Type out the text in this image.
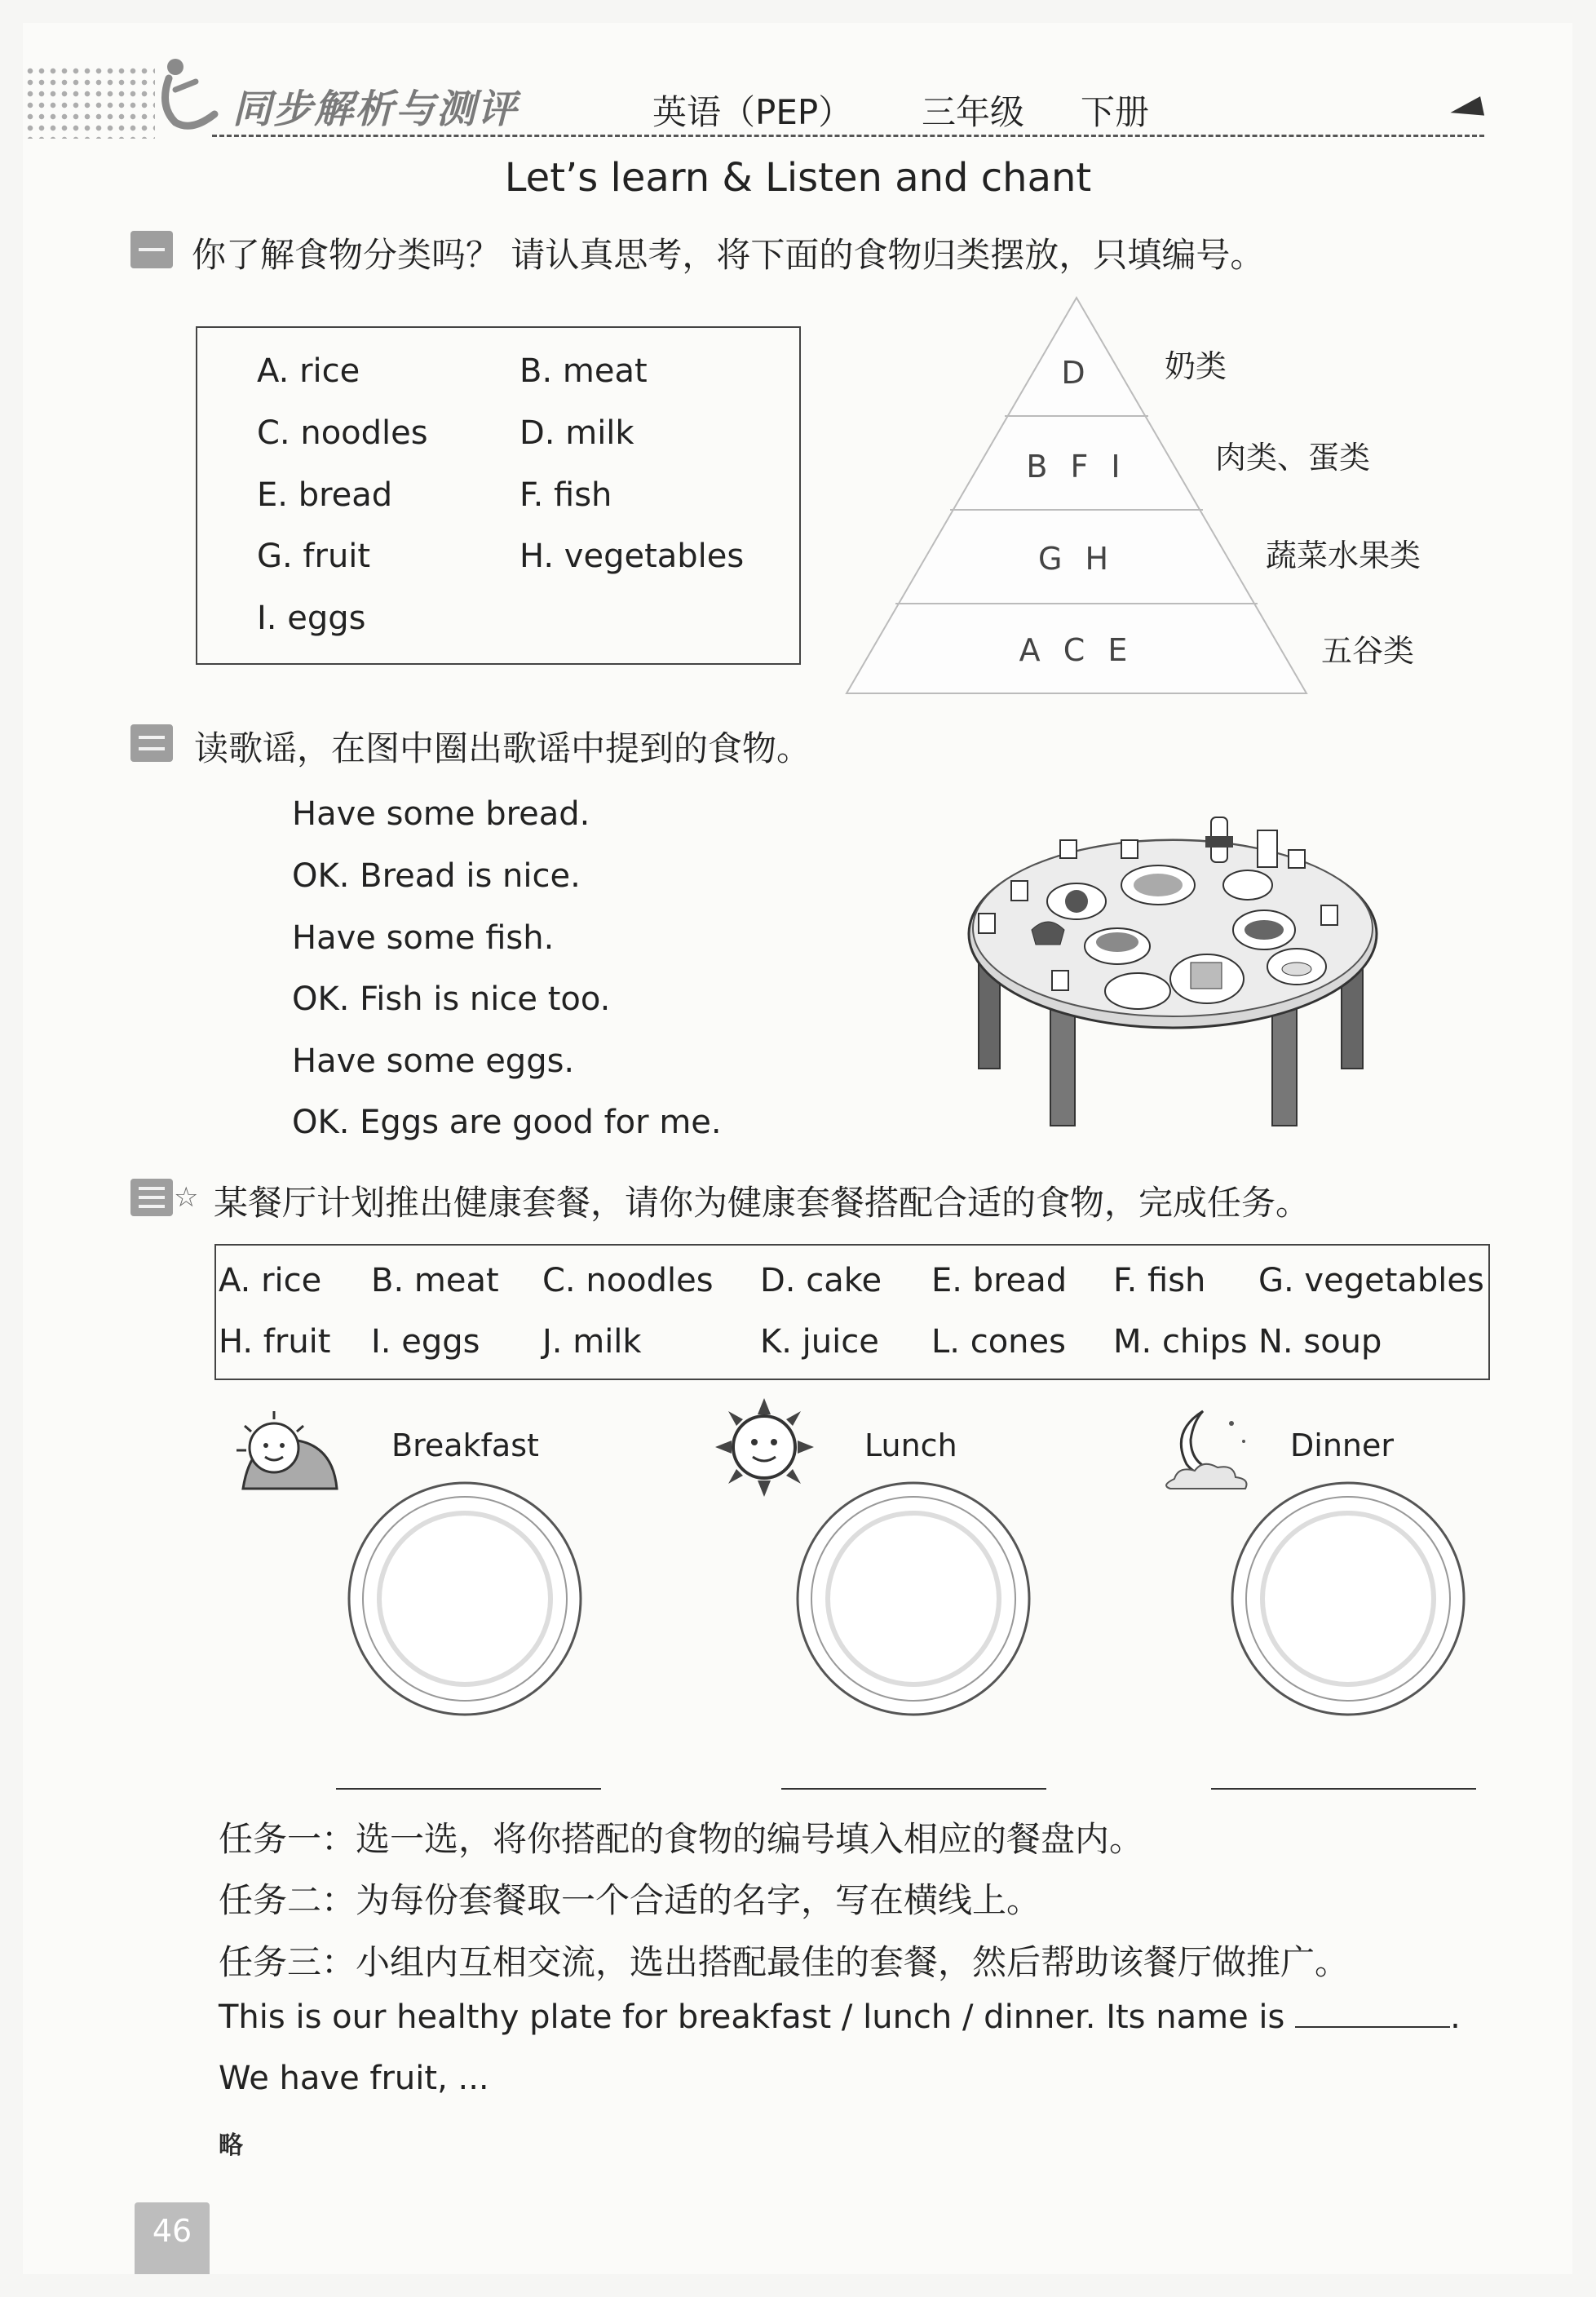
同步解析与测评	英语（PEP） 三年级 下册
Let’s learn & Listen and chant
你了解食物分类吗？ 请认真思考，将下面的食物归类摆放，只填编号。
A. rice	B. meat
C. noodles	D. milk
E. bread	F. fish
G. fruit	H. vegetables
I. eggs
D
B F I
G H
A C E
奶类
肉类、蛋类
蔬菜水果类
五谷类
读歌谣，在图中圈出歌谣中提到的食物。
Have some bread.
OK. Bread is nice.
Have some fish.
OK. Fish is nice too.
Have some eggs.
OK. Eggs are good for me.
☆ 某餐厅计划推出健康套餐，请你为健康套餐搭配合适的食物，完成任务。
A. rice B. meat C. noodles D. cake E. bread F. fish G. vegetables
H. fruit I. eggs J. milk	K. juice L. cones M. chips N. soup
Breakfast	Lunch	Dinner
任务一：选一选，将你搭配的食物的编号填入相应的餐盘内。
任务二：为每份套餐取一个合适的名字，写在横线上。
任务三：小组内互相交流，选出搭配最佳的套餐，然后帮助该餐厅做推广。
This is our healthy plate for breakfast / lunch / dinner. Its name is	.
We have fruit, ...
略
46
